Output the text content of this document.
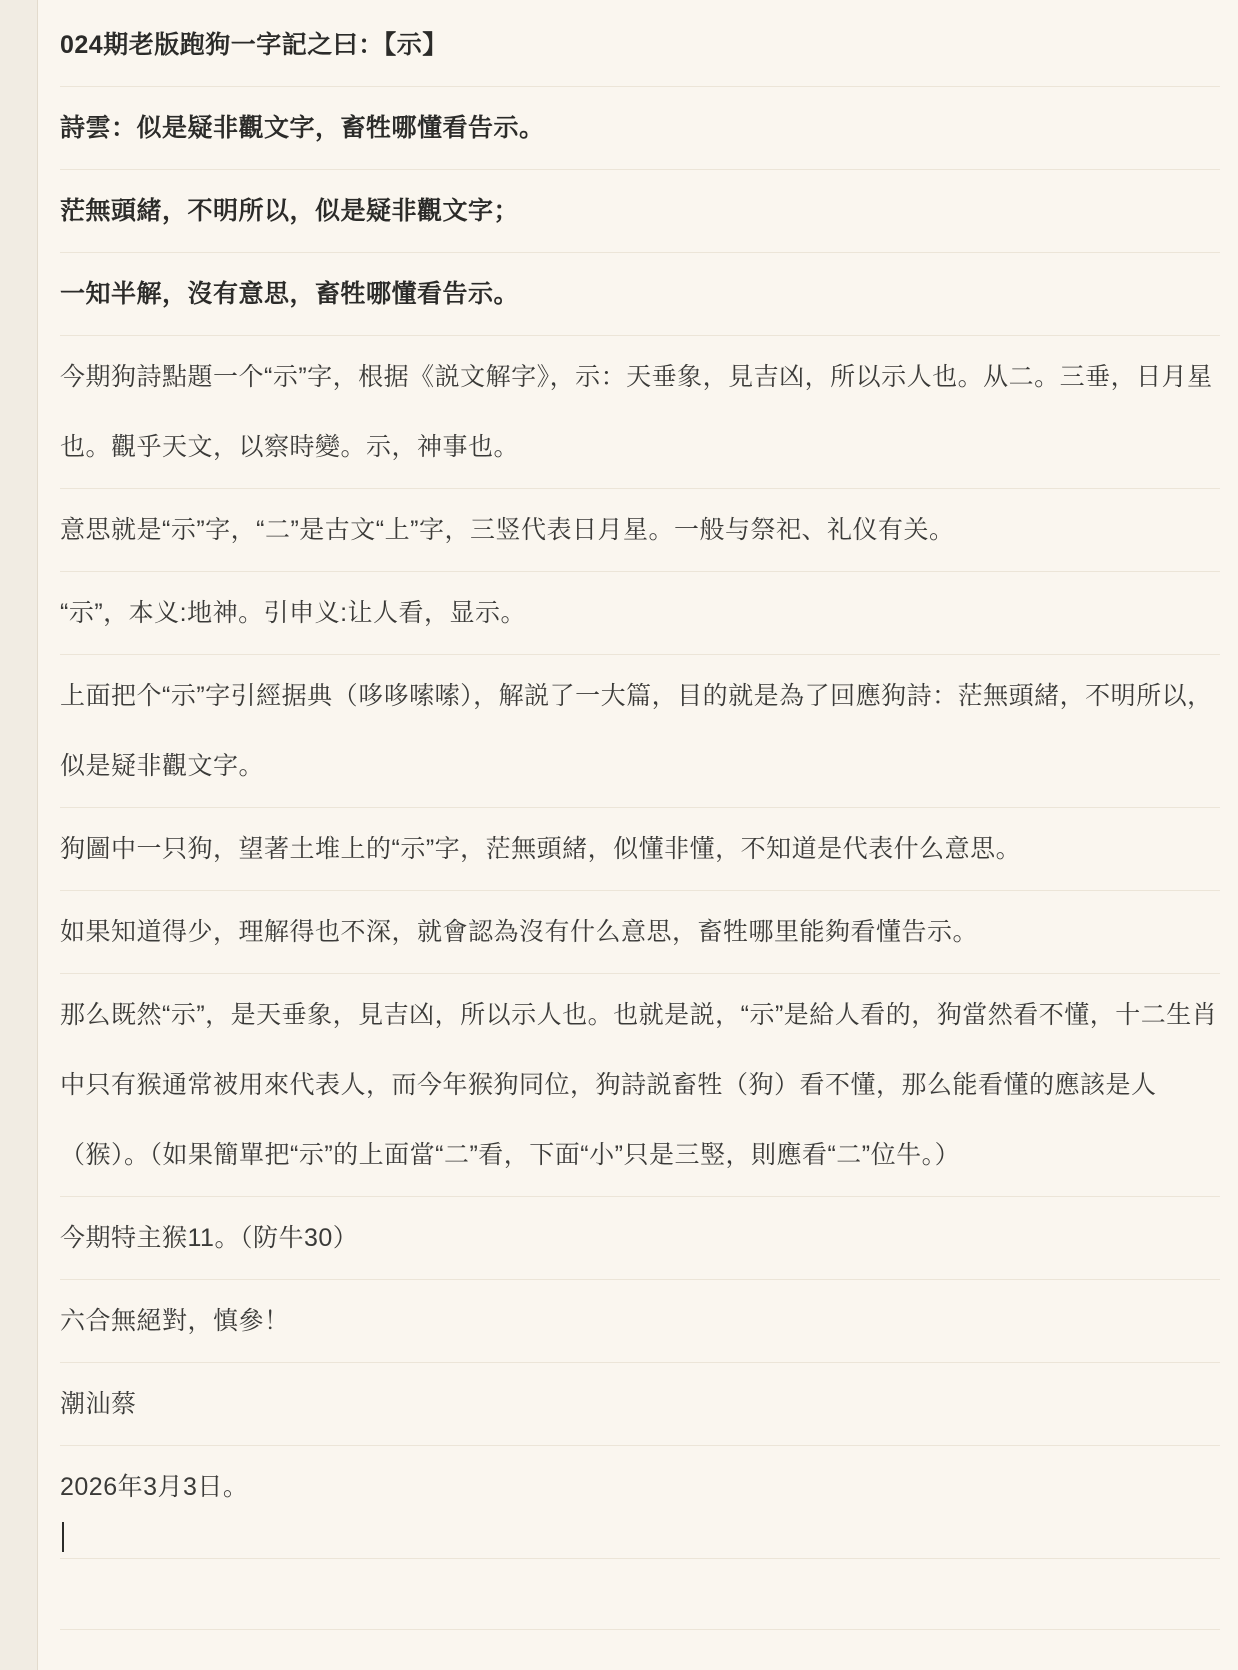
024期老版跑狗一字記之曰：【示】
詩雲：似是疑非觀文字，畜牲哪懂看告示。
茫無頭緒，不明所以，似是疑非觀文字；
一知半解，沒有意思，畜牲哪懂看告示。
今期狗詩點題一个“示”字，根据《説文解字》，示：天垂象，見吉凶，所以示人也。从二。三垂，日月星也。觀乎天文，以察時變。示，神事也。
意思就是“示”字，“二”是古文“上”字，三竖代表日月星。一般与祭祀、礼仪有关。
“示”，本义:地神。引申义:让人看，显示。
上面把个“示”字引經据典（哆哆嗦嗦），解説了一大篇，目的就是為了回應狗詩：茫無頭緒，不明所以，似是疑非觀文字。
狗圖中一只狗，望著土堆上的“示”字，茫無頭緒，似懂非懂，不知道是代表什么意思。
如果知道得少，理解得也不深，就會認為沒有什么意思，畜牲哪里能夠看懂告示。
那么既然“示”，是天垂象，見吉凶，所以示人也。也就是説，“示”是給人看的，狗當然看不懂，十二生肖中只有猴通常被用來代表人，而今年猴狗同位，狗詩説畜牲（狗）看不懂，那么能看懂的應該是人（猴）。（如果簡單把“示”的上面當“二”看，下面“小”只是三竪，則應看“二”位牛。）
今期特主猴11。（防牛30）
六合無絕對，慎參！
潮汕蔡
2026年3月3日。
